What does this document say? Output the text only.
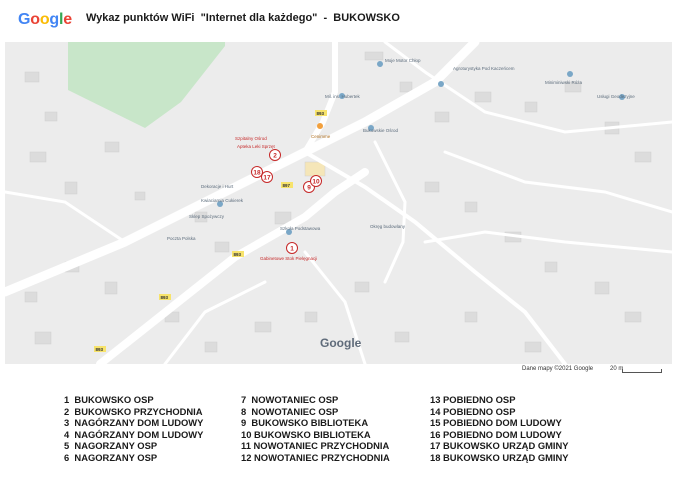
Google Wykaz punktów WiFi  "Internet dla każdego"  -  BUKOWSKO
Moje Motor Chłop
Agroturystyka Pod Kaczeńcem
Miniminiwski Róża
Usługi Geodezyjne
Mil. ins. Hubertek
Cenimme
Bukowskie Ośrod
Szpitalny Ośrod
Okręg budowlany
Poczta Polska
Dekoracje i Hurt
Kwiaciarnia Cukierek
Sklep Spożywczy
Szkoła Podstawowa
Apteka Leki Sprzęt
Gabinetowe Stok Pielęgnacji
893
897
893
893
893
2
18
17
9
10
1
Google
Dane mapy ©2021 Google	20 m
1  BUKOWSKO OSP
2  BUKOWSKO PRZYCHODNIA
3  NAGÓRZANY DOM LUDOWY
4  NAGÓRZANY DOM LUDOWY
5  NAGORZANY OSP
6  NAGORZANY OSP
7  NOWOTANIEC OSP
8  NOWOTANIEC OSP
9  BUKOWSKO BIBLIOTEKA
10 BUKOWSKO BIBLIOTEKA
11 NOWOTANIEC PRZYCHODNIA
12 NOWOTANIEC PRZYCHODNIA
13 POBIEDNO OSP
14 POBIEDNO OSP
15 POBIEDNO DOM LUDOWY
16 POBIEDNO DOM LUDOWY
17 BUKOWSKO URZĄD GMINY
18 BUKOWSKO URZĄD GMINY
